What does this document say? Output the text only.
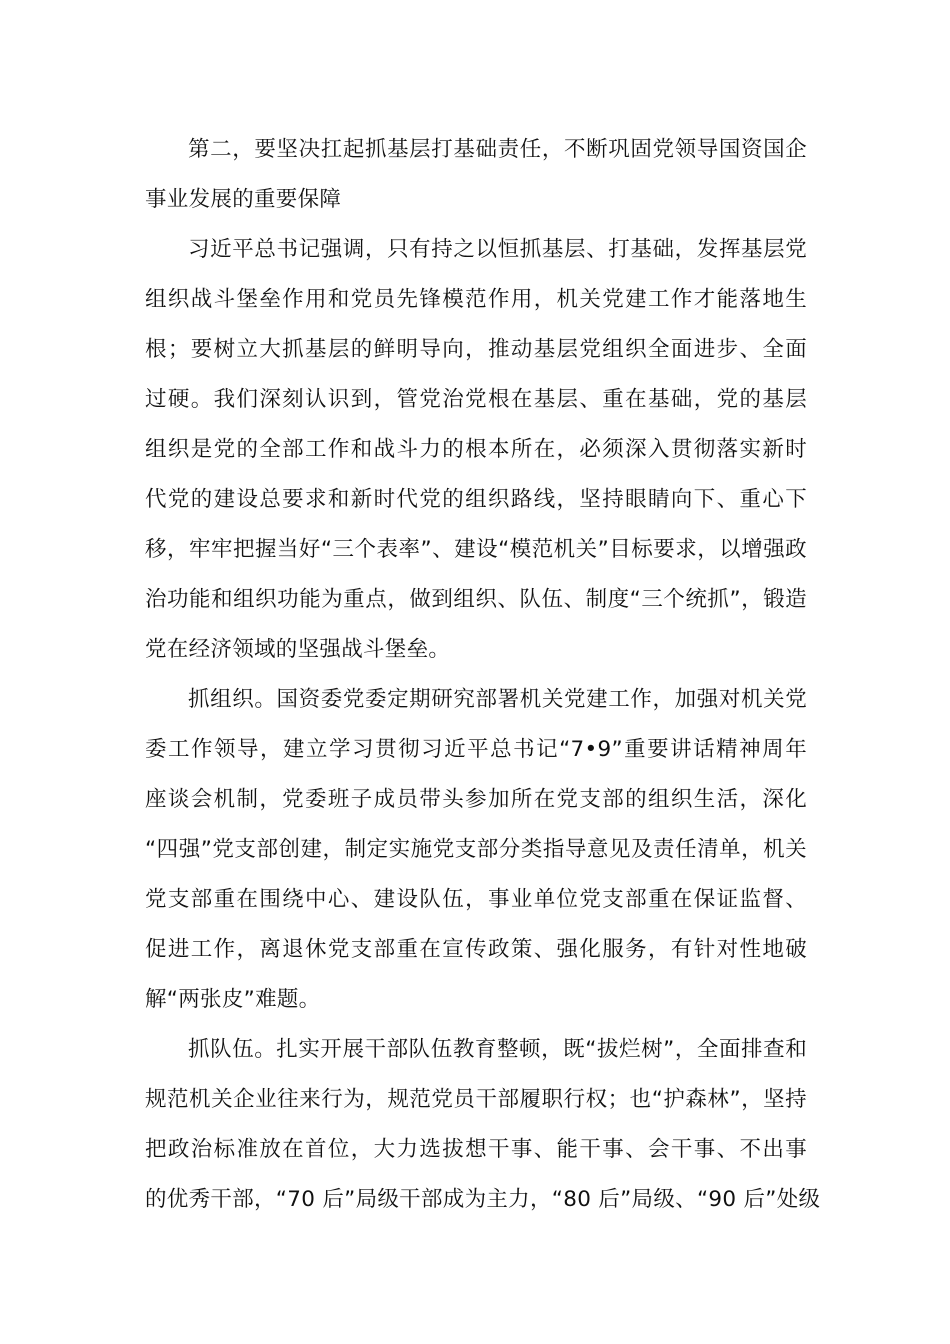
第二，要坚决扛起抓基层打基础责任，不断巩固党领导国资国企
事业发展的重要保障
习近平总书记强调，只有持之以恒抓基层、打基础，发挥基层党
组织战斗堡垒作用和党员先锋模范作用，机关党建工作才能落地生
根；要树立大抓基层的鲜明导向，推动基层党组织全面进步、全面
过硬。我们深刻认识到，管党治党根在基层、重在基础，党的基层
组织是党的全部工作和战斗力的根本所在，必须深入贯彻落实新时
代党的建设总要求和新时代党的组织路线，坚持眼睛向下、重心下
移，牢牢把握当好“三个表率”、建设“模范机关”目标要求，以增强政
治功能和组织功能为重点，做到组织、队伍、制度“三个统抓”，锻造
党在经济领域的坚强战斗堡垒。
抓组织。国资委党委定期研究部署机关党建工作，加强对机关党
委工作领导，建立学习贯彻习近平总书记“7•9”重要讲话精神周年
座谈会机制，党委班子成员带头参加所在党支部的组织生活，深化
“四强”党支部创建，制定实施党支部分类指导意见及责任清单，机关
党支部重在围绕中心、建设队伍，事业单位党支部重在保证监督、
促进工作，离退休党支部重在宣传政策、强化服务，有针对性地破
解“两张皮”难题。
抓队伍。扎实开展干部队伍教育整顿，既“拔烂树”，全面排查和
规范机关企业往来行为，规范党员干部履职行权；也“护森林”，坚持
把政治标准放在首位，大力选拔想干事、能干事、会干事、不出事
的优秀干部，“70 后”局级干部成为主力，“80 后”局级、“90 后”处级
